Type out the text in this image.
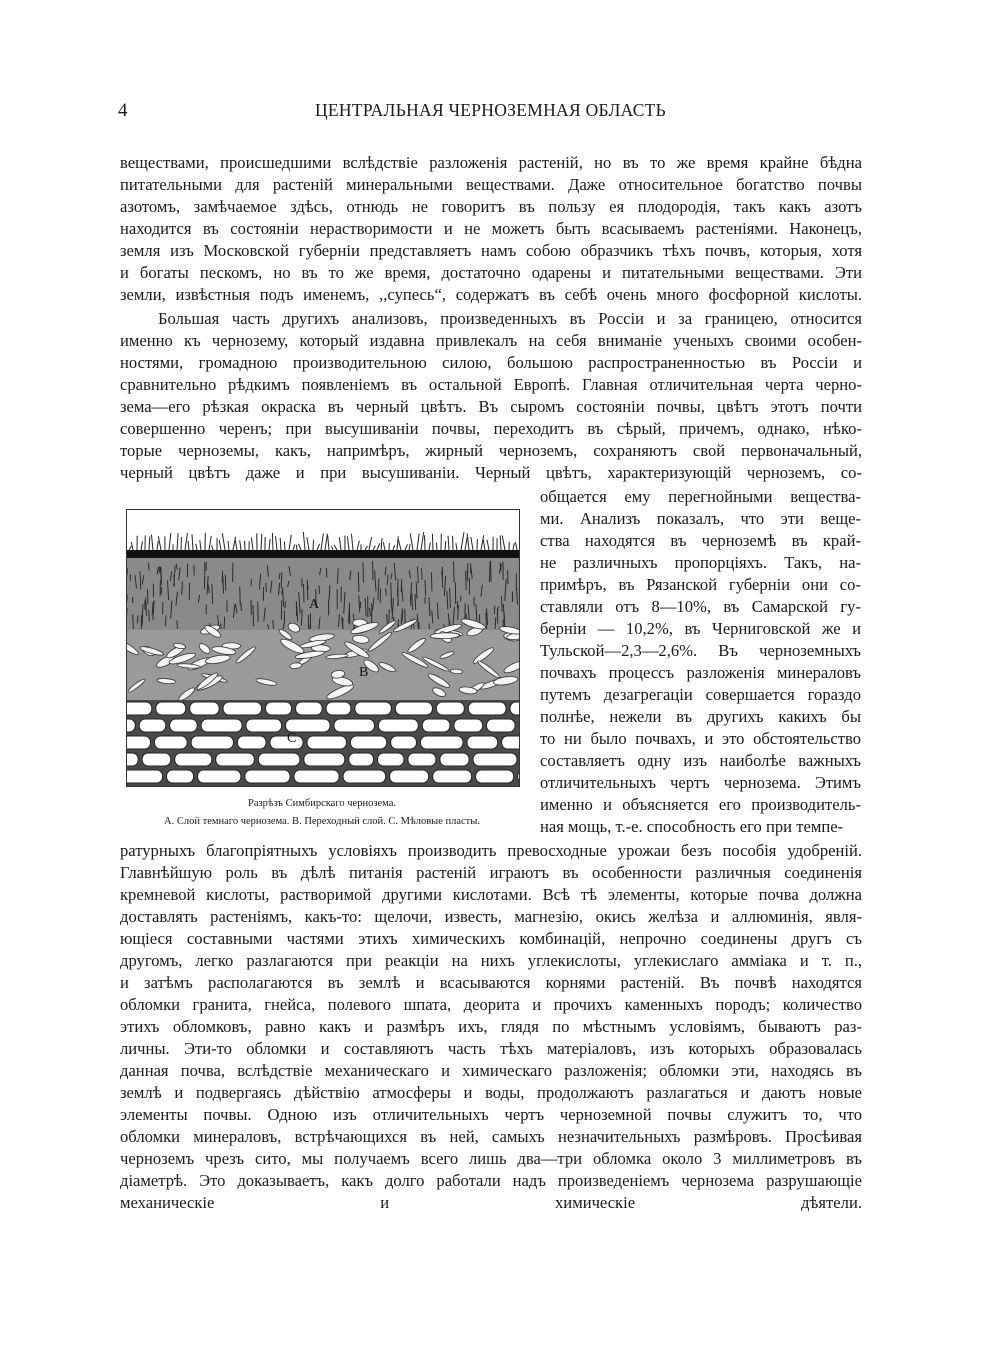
4	ЦЕНТРАЛЬНАЯ ЧЕРНОЗЕМНАЯ ОБЛАСТЬ
веществами, происшедшими вслѣдствіе разложенія растеній, но въ то же время крайне бѣдна
питательными для растеній минеральными веществами. Даже относительное богатство почвы
азотомъ, замѣчаемое здѣсь, отнюдь не говоритъ въ пользу ея плодородія, такъ какъ азотъ
находится въ состояніи нерастворимости и не можетъ быть всасываемъ растеніями. Наконецъ,
земля изъ Московской губерніи представляетъ намъ собою образчикъ тѣхъ почвъ, которыя, хотя
и богаты пескомъ, но въ то же время, достаточно одарены и питательными веществами. Эти
земли, извѣстныя подъ именемъ, ,,супесь“, содержатъ въ себѣ очень много фосфорной кислоты.
Большая часть другихъ анализовъ, произведенныхъ въ Россіи и за границею, относится
именно къ чернозему, который издавна привлекалъ на себя вниманіе ученыхъ своими особен-
ностями, громадною производительною силою, большою распространенностью въ Россіи и
сравнительно рѣдкимъ появленіемъ въ остальной Европѣ. Главная отличительная черта черно-
зема—его рѣзкая окраска въ черный цвѣтъ. Въ сыромъ состояніи почвы, цвѣтъ этотъ почти
совершенно черенъ; при высушиваніи почвы, переходитъ въ сѣрый, причемъ, однако, нѣко-
торые черноземы, какъ, напримѣръ, жирный черноземъ, сохраняютъ свой первоначальный,
черный цвѣтъ даже и при высушиваніи. Черный цвѣтъ, характеризующій черноземъ, со-
общается ему перегнойными вещества-
ми. Анализъ показалъ, что эти веще-
ства находятся въ черноземѣ въ край-
не различныхъ пропорціяхъ. Такъ, на-
примѣръ, въ Рязанской губерніи они со-
ставляли отъ 8—10%, въ Самарской гу-
берніи — 10,2%, въ Черниговской же и
Тульской—2,3—2,6%. Въ черноземныхъ
почвахъ процессъ разложенія минераловъ
путемъ дезагрегаціи совершается гораздо
полнѣе, нежели въ другихъ какихъ бы
то ни было почвахъ, и это обстоятельство
составляетъ одну изъ наиболѣе важныхъ
отличительныхъ чертъ чернозема. Этимъ
именно и объясняется его производитель-
ная мощь, т.-е. способность его при темпе-
ратурныхъ благопріятныхъ условіяхъ производить превосходные урожаи безъ пособія удобреній.
Главнѣйшую роль въ дѣлѣ питанія растеній играютъ въ особенности различныя соединенія
кремневой кислоты, растворимой другими кислотами. Всѣ тѣ элементы, которые почва должна
доставлять растеніямъ, какъ-то: щелочи, известь, магнезію, окись желѣза и аллюминія, явля-
ющіеся составными частями этихъ химическихъ комбинацій, непрочно соединены другъ съ
другомъ, легко разлагаются при реакціи на нихъ углекислоты, углекислаго аммiака и т. п.,
и затѣмъ располагаются въ землѣ и всасываются корнями растеній. Въ почвѣ находятся
обломки гранита, гнейса, полевого шпата, деорита и прочихъ каменныхъ породъ; количество
этихъ обломковъ, равно какъ и размѣръ ихъ, глядя по мѣстнымъ условіямъ, бываютъ раз-
личны. Эти-то обломки и составляютъ часть тѣхъ матеріаловъ, изъ которыхъ образовалась
данная почва, вслѣдствіе механическаго и химическаго разложенія; обломки эти, находясь въ
землѣ и подвергаясь дѣйствію атмосферы и воды, продолжаютъ разлагаться и даютъ новые
элементы почвы. Одною изъ отличительныхъ чертъ черноземной почвы служитъ то, что
обломки минераловъ, встрѣчающихся въ ней, самыхъ незначительныхъ размѣровъ. Просѣивая
черноземъ чрезъ сито, мы получаемъ всего лишь два—три обломка около 3 миллиметровъ въ
діаметрѣ. Это доказываетъ, какъ долго работали надъ произведеніемъ чернозема разрушающіе
механическіе и химическіе дѣятели.
A
B
C
Разрѣзъ Симбирскаго чернозема.
А. Слой темнаго чернозема. В. Переходный слой. С. Мѣловые пласты.
